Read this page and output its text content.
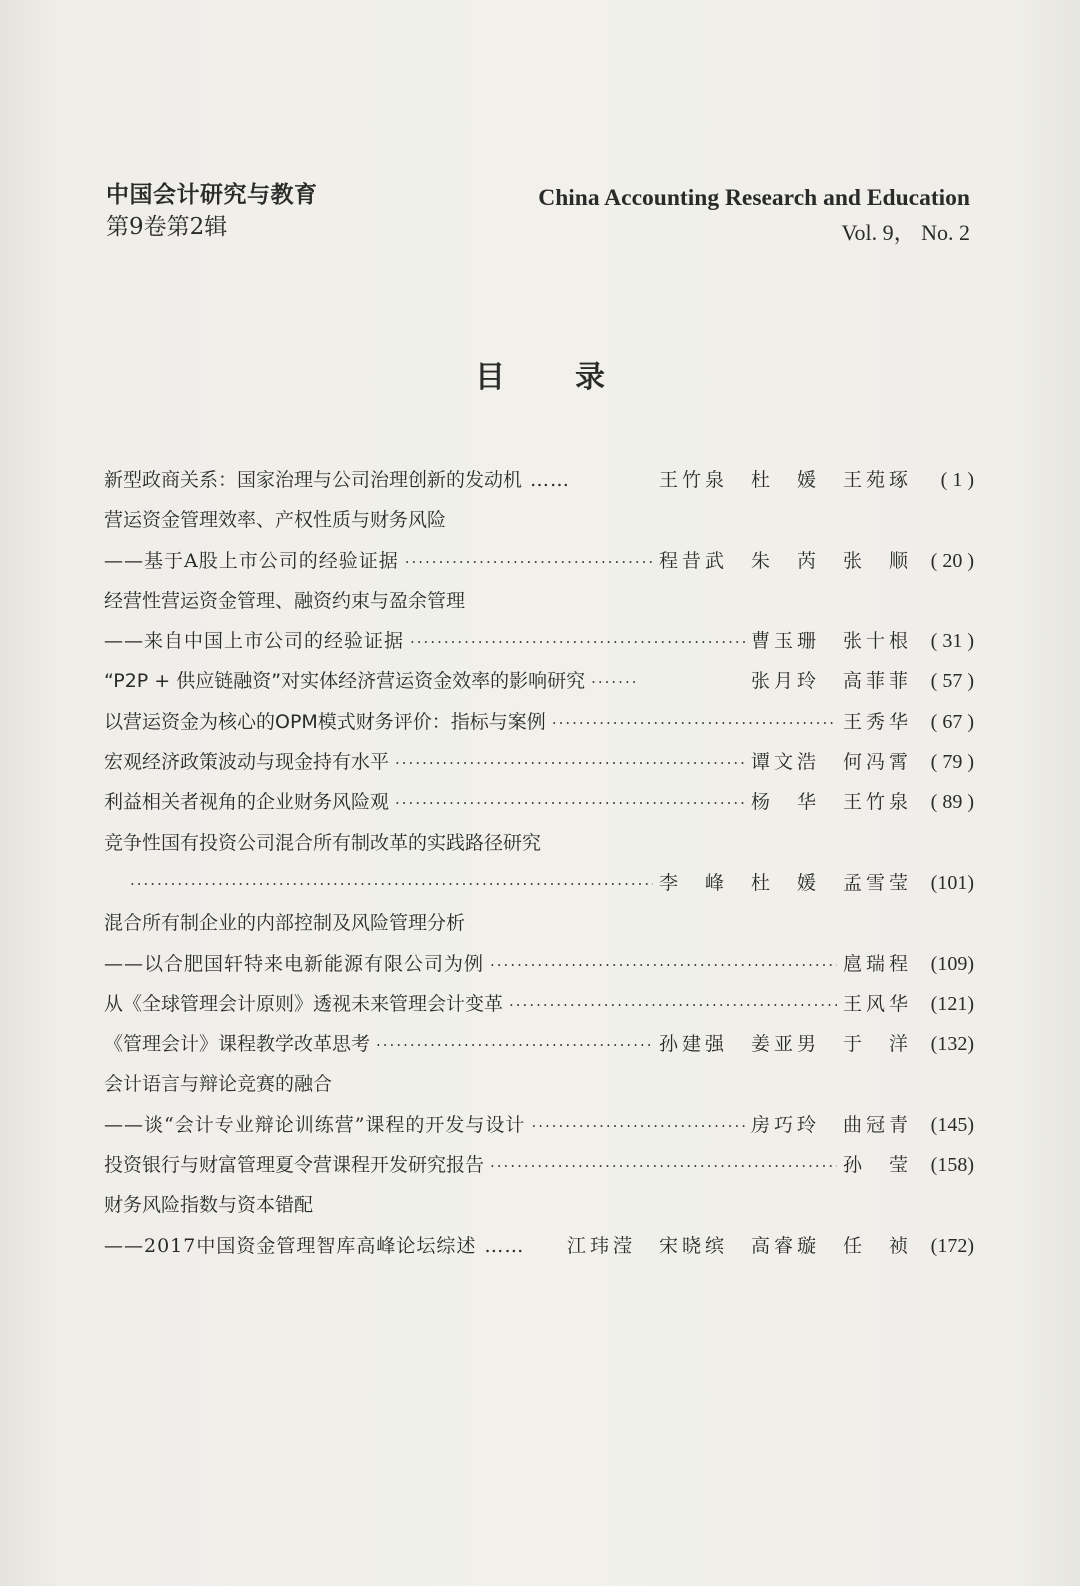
中国会计研究与教育
第9卷第2辑
China Accounting Research and Education
Vol. 9， No. 2
目录
新型政商关系：国家治理与公司治理创新的发动机 ……	王竹泉　杜　媛　王苑琢	( 1 )
营运资金管理效率、产权性质与财务风险
——基于A股上市公司的经验证据 ·····	程昔武　朱　芮　张　顺 ( 20 )
经营性营运资金管理、融资约束与盈余管理
——来自中国上市公司的经验证据 ·····	曹玉珊　张十根 ( 31 )
“P2P + 供应链融资”对实体经济营运资金效率的影响研究 ·····	张月玲　高菲菲 ( 57 )
以营运资金为核心的OPM模式财务评价：指标与案例 ·····	王秀华 ( 67 )
宏观经济政策波动与现金持有水平 ·····	谭文浩　何冯霄 ( 79 )
利益相关者视角的企业财务风险观 ·····	杨　华　王竹泉 ( 89 )
竞争性国有投资公司混合所有制改革的实践路径研究
·····
李　峰　杜　媛　孟雪莹 (101)
混合所有制企业的内部控制及风险管理分析
——以合肥国轩特来电新能源有限公司为例 ·····	扈瑞程 (109)
从《全球管理会计原则》透视未来管理会计变革 ·····	王风华 (121)
《管理会计》课程教学改革思考 ·····	孙建强　姜亚男　于　洋 (132)
会计语言与辩论竞赛的融合
——谈“会计专业辩论训练营”课程的开发与设计 ·····	房巧玲　曲冠青 (145)
投资银行与财富管理夏令营课程开发研究报告 ·····	孙　莹 (158)
财务风险指数与资本错配
——2017中国资金管理智库高峰论坛综述 …… 江玮滢　宋晓缤　高睿璇　任　祯 (172)
